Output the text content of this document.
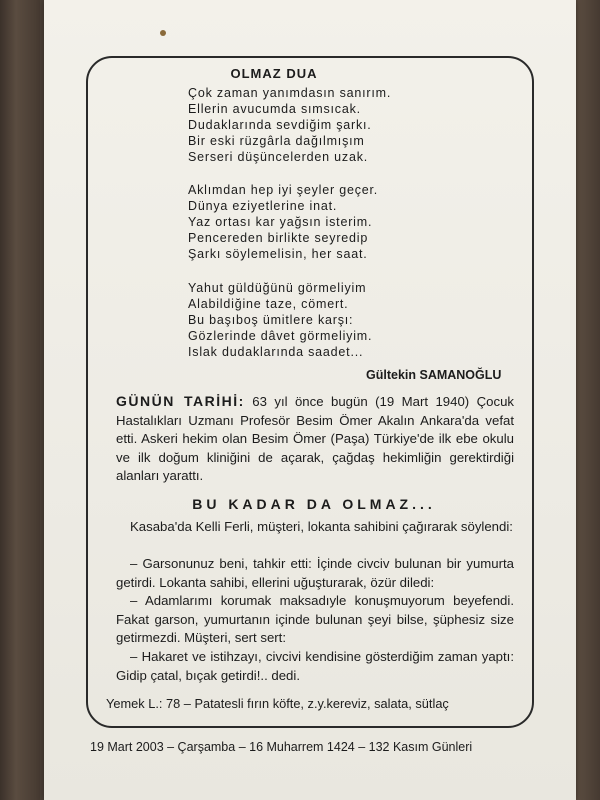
OLMAZ DUA
Çok zaman yanımdasın sanırım.
Ellerin avucumda sımsıcak.
Dudaklarında sevdiğim şarkı.
Bir eski rüzgârla dağılmışım
Serseri düşüncelerden uzak.
Aklımdan hep iyi şeyler geçer.
Dünya eziyetlerine inat.
Yaz ortası kar yağsın isterim.
Pencereden birlikte seyredip
Şarkı söylemelisin, her saat.
Yahut güldüğünü görmeliyim
Alabildiğine taze, cömert.
Bu başıboş ümitlere karşı:
Gözlerinde dâvet görmeliyim.
Islak dudaklarında saadet...
Gültekin SAMANOĞLU
GÜNÜN TARİHİ: 63 yıl önce bugün (19 Mart 1940) Çocuk Hastalıkları Uzmanı Profesör Besim Ömer Akalın Ankara'da vefat etti. Askeri hekim olan Besim Ömer (Paşa) Türkiye'de ilk ebe okulu ve ilk doğum kliniğini de açarak, çağdaş hekimliğin gerektirdiği alanları yarattı.
BU KADAR DA OLMAZ...
Kasaba'da Kelli Ferli, müşteri, lokanta sahibini çağırarak söylendi:
– Garsonunuz beni, tahkir etti: İçinde civciv bulunan bir yumurta getirdi. Lokanta sahibi, ellerini uğuşturarak, özür diledi:
– Adamlarımı korumak maksadıyle konuşmuyorum beyefendi. Fakat garson, yumurtanın içinde bulunan şeyi bilse, şüphesiz size getirmezdi. Müşteri, sert sert:
– Hakaret ve istihzayı, civcivi kendisine gösterdiğim zaman yaptı: Gidip çatal, bıçak getirdi!.. dedi.
Yemek L.: 78 – Patatesli fırın köfte, z.y.kereviz, salata, sütlaç
19 Mart 2003 – Çarşamba – 16 Muharrem 1424 – 132 Kasım Günleri
